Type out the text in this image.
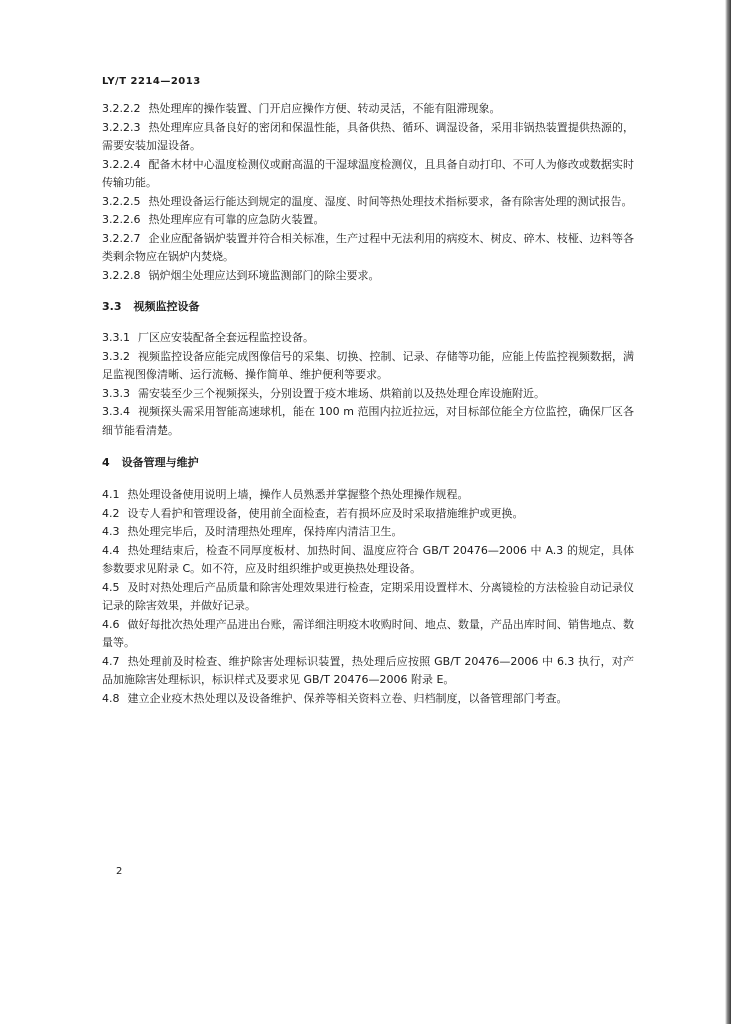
LY/T 2214—2013

3.2.2.2 热处理库的操作装置、门开启应操作方便、转动灵活，不能有阻滞现象。

3.2.2.3 热处理库应具备良好的密闭和保温性能，具备供热、循环、调湿设备，采用非锅热装置提供热源的，需要安装加湿设备。

3.2.2.4 配备木材中心温度检测仪或耐高温的干湿球温度检测仪，且具备自动打印、不可人为修改或数据实时传输功能。

3.2.2.5 热处理设备运行能达到规定的温度、湿度、时间等热处理技术指标要求，备有除害处理的测试报告。

3.2.2.6 热处理库应有可靠的应急防火装置。

3.2.2.7 企业应配备锅炉装置并符合相关标准，生产过程中无法利用的病疫木、树皮、碎木、枝桠、边料等各类剩余物应在锅炉内焚烧。

3.2.2.8 锅炉烟尘处理应达到环境监测部门的除尘要求。

3.3 视频监控设备

3.3.1 厂区应安装配备全套远程监控设备。

3.3.2 视频监控设备应能完成图像信号的采集、切换、控制、记录、存储等功能，应能上传监控视频数据，满足监视图像清晰、运行流畅、操作简单、维护便利等要求。

3.3.3 需安装至少三个视频探头，分别设置于疫木堆场、烘箱前以及热处理仓库设施附近。

3.3.4 视频探头需采用智能高速球机，能在 100 m 范围内拉近拉远，对目标部位能全方位监控，确保厂区各细节能看清楚。

4 设备管理与维护

4.1 热处理设备使用说明上墙，操作人员熟悉并掌握整个热处理操作规程。

4.2 设专人看护和管理设备，使用前全面检查，若有损坏应及时采取措施维护或更换。

4.3 热处理完毕后，及时清理热处理库，保持库内清洁卫生。

4.4 热处理结束后，检查不同厚度板材、加热时间、温度应符合 GB/T 20476—2006 中 A.3 的规定，具体参数要求见附录 C。如不符，应及时组织维护或更换热处理设备。

4.5 及时对热处理后产品质量和除害处理效果进行检查，定期采用设置样木、分离镜检的方法检验自动记录仪记录的除害效果，并做好记录。

4.6 做好每批次热处理产品进出台账，需详细注明疫木收购时间、地点、数量，产品出库时间、销售地点、数量等。

4.7 热处理前及时检查、维护除害处理标识装置，热处理后应按照 GB/T 20476—2006 中 6.3 执行，对产品加施除害处理标识，标识样式及要求见 GB/T 20476—2006 附录 E。

4.8 建立企业疫木热处理以及设备维护、保养等相关资料立卷、归档制度，以备管理部门考查。

2
